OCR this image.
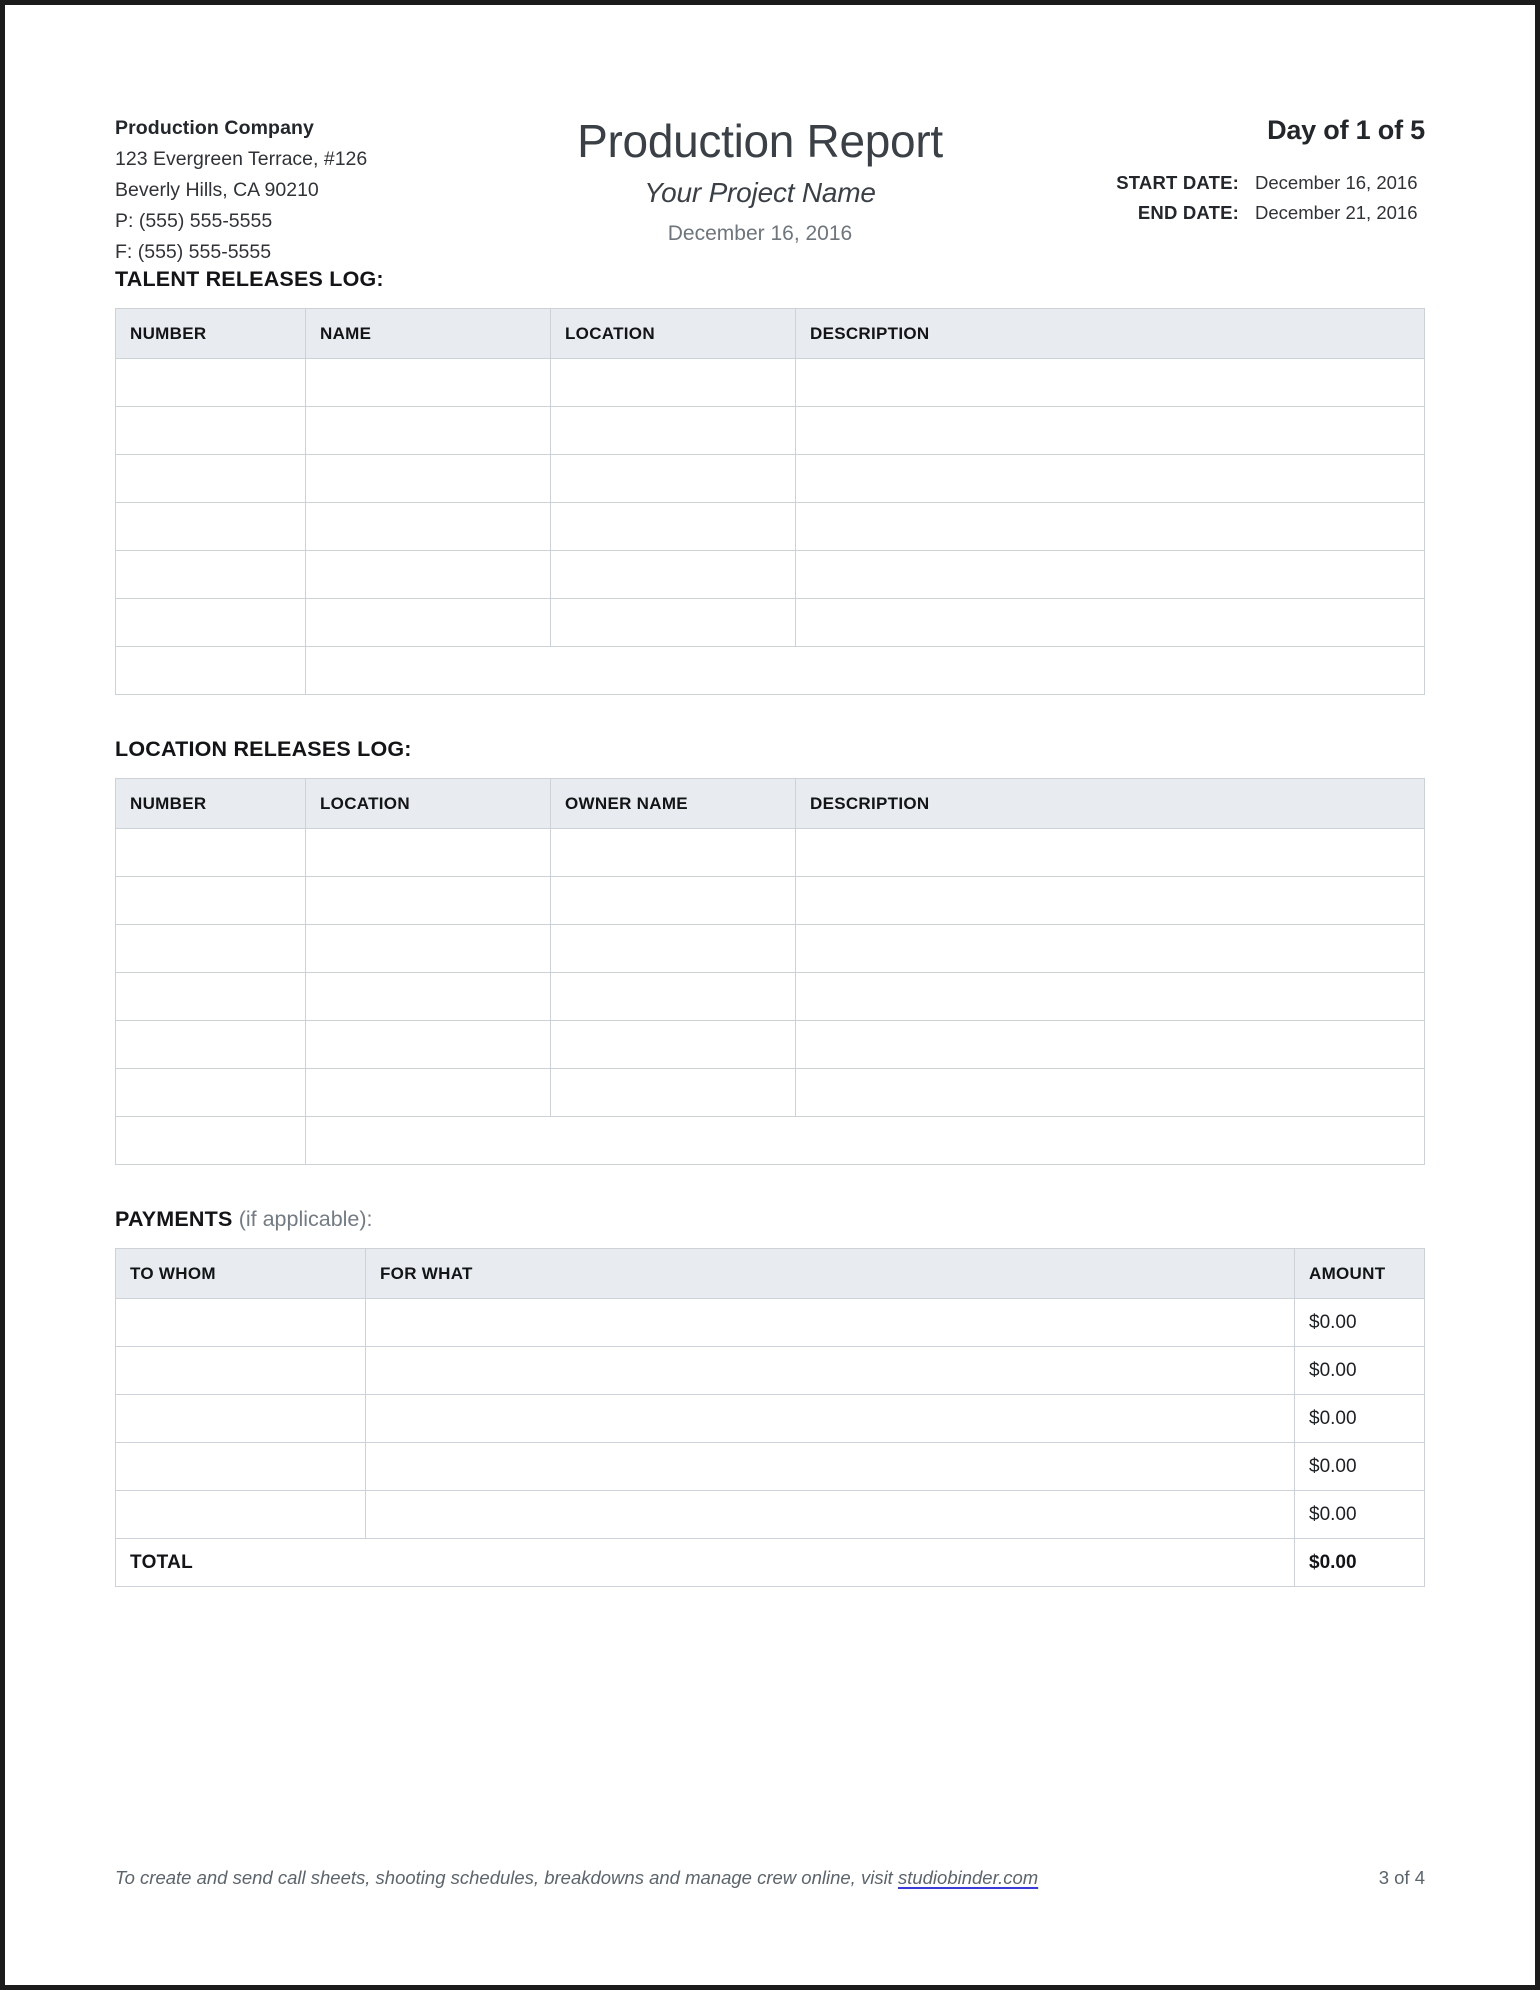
Production Company
123 Evergreen Terrace, #126
Beverly Hills, CA 90210
P: (555) 555-5555
F: (555) 555-5555
Production Report
Your Project Name
December 16, 2016
Day of 1 of 5
START DATE: December 16, 2016
END DATE: December 21, 2016
TALENT RELEASES LOG:
NUMBER	NAME	LOCATION	DESCRIPTION

ANY RELEASES MISSING? WHY?			
LOCATION RELEASES LOG:
NUMBER	LOCATION	OWNER NAME	DESCRIPTION

ANY RELEASES MISSING? WHY?			
PAYMENTS (if applicable):
TO WHOM	FOR WHAT	AMOUNT
		$0.00
		$0.00
		$0.00
		$0.00
		$0.00
TOTAL		$0.00
To create and send call sheets, shooting schedules, breakdowns and manage crew online, visit studiobinder.com	3 of 4
